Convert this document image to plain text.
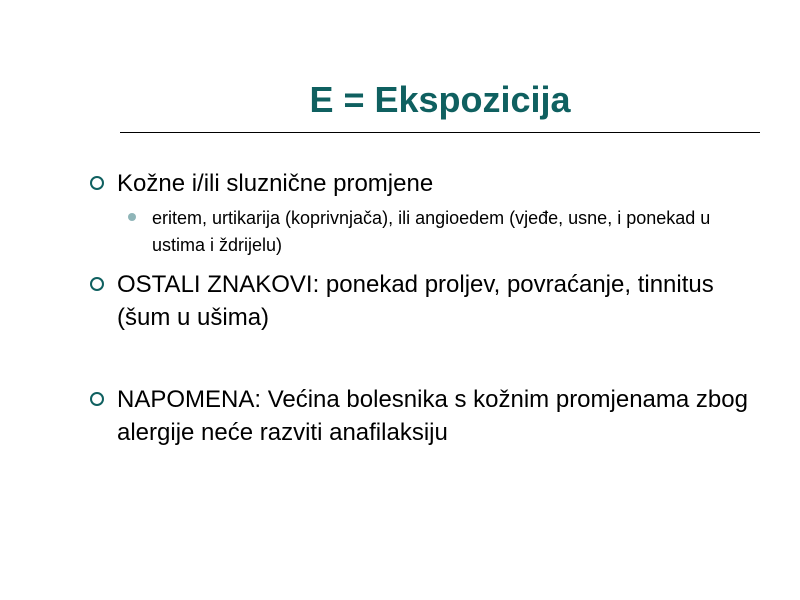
E = Ekspozicija
Kožne i/ili sluznične promjene
eritem, urtikarija (koprivnjača), ili angioedem (vjeđe, usne, i ponekad u ustima i ždrijelu)
OSTALI ZNAKOVI: ponekad proljev, povraćanje, tinnitus (šum u ušima)
NAPOMENA: Većina bolesnika s kožnim promjenama zbog alergije neće razviti anafilaksiju
